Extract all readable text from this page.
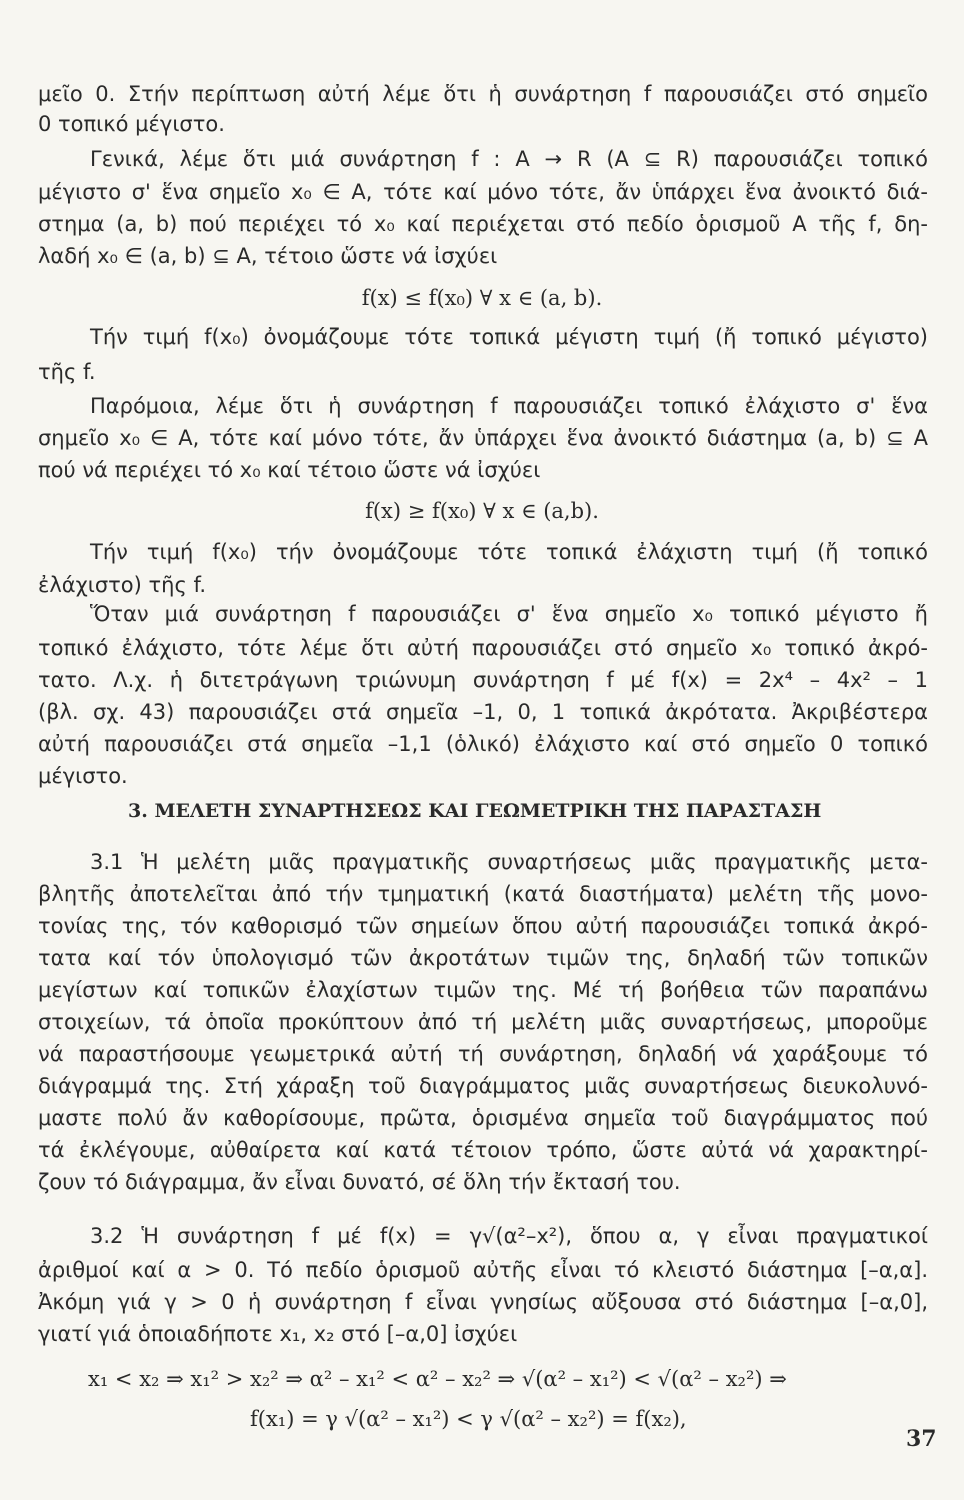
μεῖο 0. Στήν περίπτωση αὐτή λέμε ὅτι ἡ συνάρτηση f παρουσιάζει στό σημεῖο
0 τοπικό μέγιστο.
Γενικά, λέμε ὅτι μιά συνάρτηση f : A → R (A ⊆ R) παρουσιάζει τοπικό
μέγιστο σ' ἕνα σημεῖο x₀ ∈ A, τότε καί μόνο τότε, ἄν ὑπάρχει ἕνα ἀνοικτό διά-
στημα (a, b) πού περιέχει τό x₀ καί περιέχεται στό πεδίο ὁρισμοῦ A τῆς f, δη-
λαδή x₀ ∈ (a, b) ⊆ A, τέτοιο ὥστε νά ἰσχύει
f(x) ≤ f(x₀) ∀ x ∈ (a, b).
Τήν τιμή f(x₀) ὀνομάζουμε τότε τοπικά μέγιστη τιμή (ἤ τοπικό μέγιστο)
τῆς f.
Παρόμοια, λέμε ὅτι ἡ συνάρτηση f παρουσιάζει τοπικό ἐλάχιστο σ' ἕνα
σημεῖο x₀ ∈ A, τότε καί μόνο τότε, ἄν ὑπάρχει ἕνα ἀνοικτό διάστημα (a, b) ⊆ A
πού νά περιέχει τό x₀ καί τέτοιο ὥστε νά ἰσχύει
f(x) ≥ f(x₀) ∀ x ∈ (a,b).
Τήν τιμή f(x₀) τήν ὀνομάζουμε τότε τοπικά ἐλάχιστη τιμή (ἤ τοπικό
ἐλάχιστο) τῆς f.
Ὅταν μιά συνάρτηση f παρουσιάζει σ' ἕνα σημεῖο x₀ τοπικό μέγιστο ἤ
τοπικό ἐλάχιστο, τότε λέμε ὅτι αὐτή παρουσιάζει στό σημεῖο x₀ τοπικό ἀκρό-
τατο. Λ.χ. ἡ διτετράγωνη τριώνυμη συνάρτηση f μέ f(x) = 2x⁴ – 4x² – 1
(βλ. σχ. 43) παρουσιάζει στά σημεῖα –1, 0, 1 τοπικά ἀκρότατα. Ἀκριβέστερα
αὐτή παρουσιάζει στά σημεῖα –1,1 (ὁλικό) ἐλάχιστο καί στό σημεῖο 0 τοπικό
μέγιστο.
3. ΜΕΛΕΤΗ ΣΥΝΑΡΤΗΣΕΩΣ ΚΑΙ ΓΕΩΜΕΤΡΙΚΗ ΤΗΣ ΠΑΡΑΣΤΑΣΗ
3.1 Ἡ μελέτη μιᾶς πραγματικῆς συναρτήσεως μιᾶς πραγματικῆς μετα-
βλητῆς ἀποτελεῖται ἀπό τήν τμηματική (κατά διαστήματα) μελέτη τῆς μονο-
τονίας της, τόν καθορισμό τῶν σημείων ὅπου αὐτή παρουσιάζει τοπικά ἀκρό-
τατα καί τόν ὑπολογισμό τῶν ἀκροτάτων τιμῶν της, δηλαδή τῶν τοπικῶν
μεγίστων καί τοπικῶν ἐλαχίστων τιμῶν της. Μέ τή βοήθεια τῶν παραπάνω
στοιχείων, τά ὁποῖα προκύπτουν ἀπό τή μελέτη μιᾶς συναρτήσεως, μποροῦμε
νά παραστήσουμε γεωμετρικά αὐτή τή συνάρτηση, δηλαδή νά χαράξουμε τό
διάγραμμά της. Στή χάραξη τοῦ διαγράμματος μιᾶς συναρτήσεως διευκολυνό-
μαστε πολύ ἄν καθορίσουμε, πρῶτα, ὁρισμένα σημεῖα τοῦ διαγράμματος πού
τά ἐκλέγουμε, αὐθαίρετα καί κατά τέτοιον τρόπο, ὥστε αὐτά νά χαρακτηρί-
ζουν τό διάγραμμα, ἄν εἶναι δυνατό, σέ ὅλη τήν ἔκτασή του.
3.2 Ἡ συνάρτηση f μέ f(x) = γ√(α²–x²), ὅπου α, γ εἶναι πραγματικοί
ἀριθμοί καί α > 0. Τό πεδίο ὁρισμοῦ αὐτῆς εἶναι τό κλειστό διάστημα [–α,α].
Ἀκόμη γιά γ > 0 ἡ συνάρτηση f εἶναι γνησίως αὔξουσα στό διάστημα [–α,0],
γιατί γιά ὁποιαδήποτε x₁, x₂ στό [–α,0] ἰσχύει
x₁ < x₂ ⇒ x₁² > x₂² ⇒ α² – x₁² < α² – x₂² ⇒ √(α² – x₁²) < √(α² – x₂²) ⇒
f(x₁) = γ √(α² – x₁²) < γ √(α² – x₂²) = f(x₂),
37
